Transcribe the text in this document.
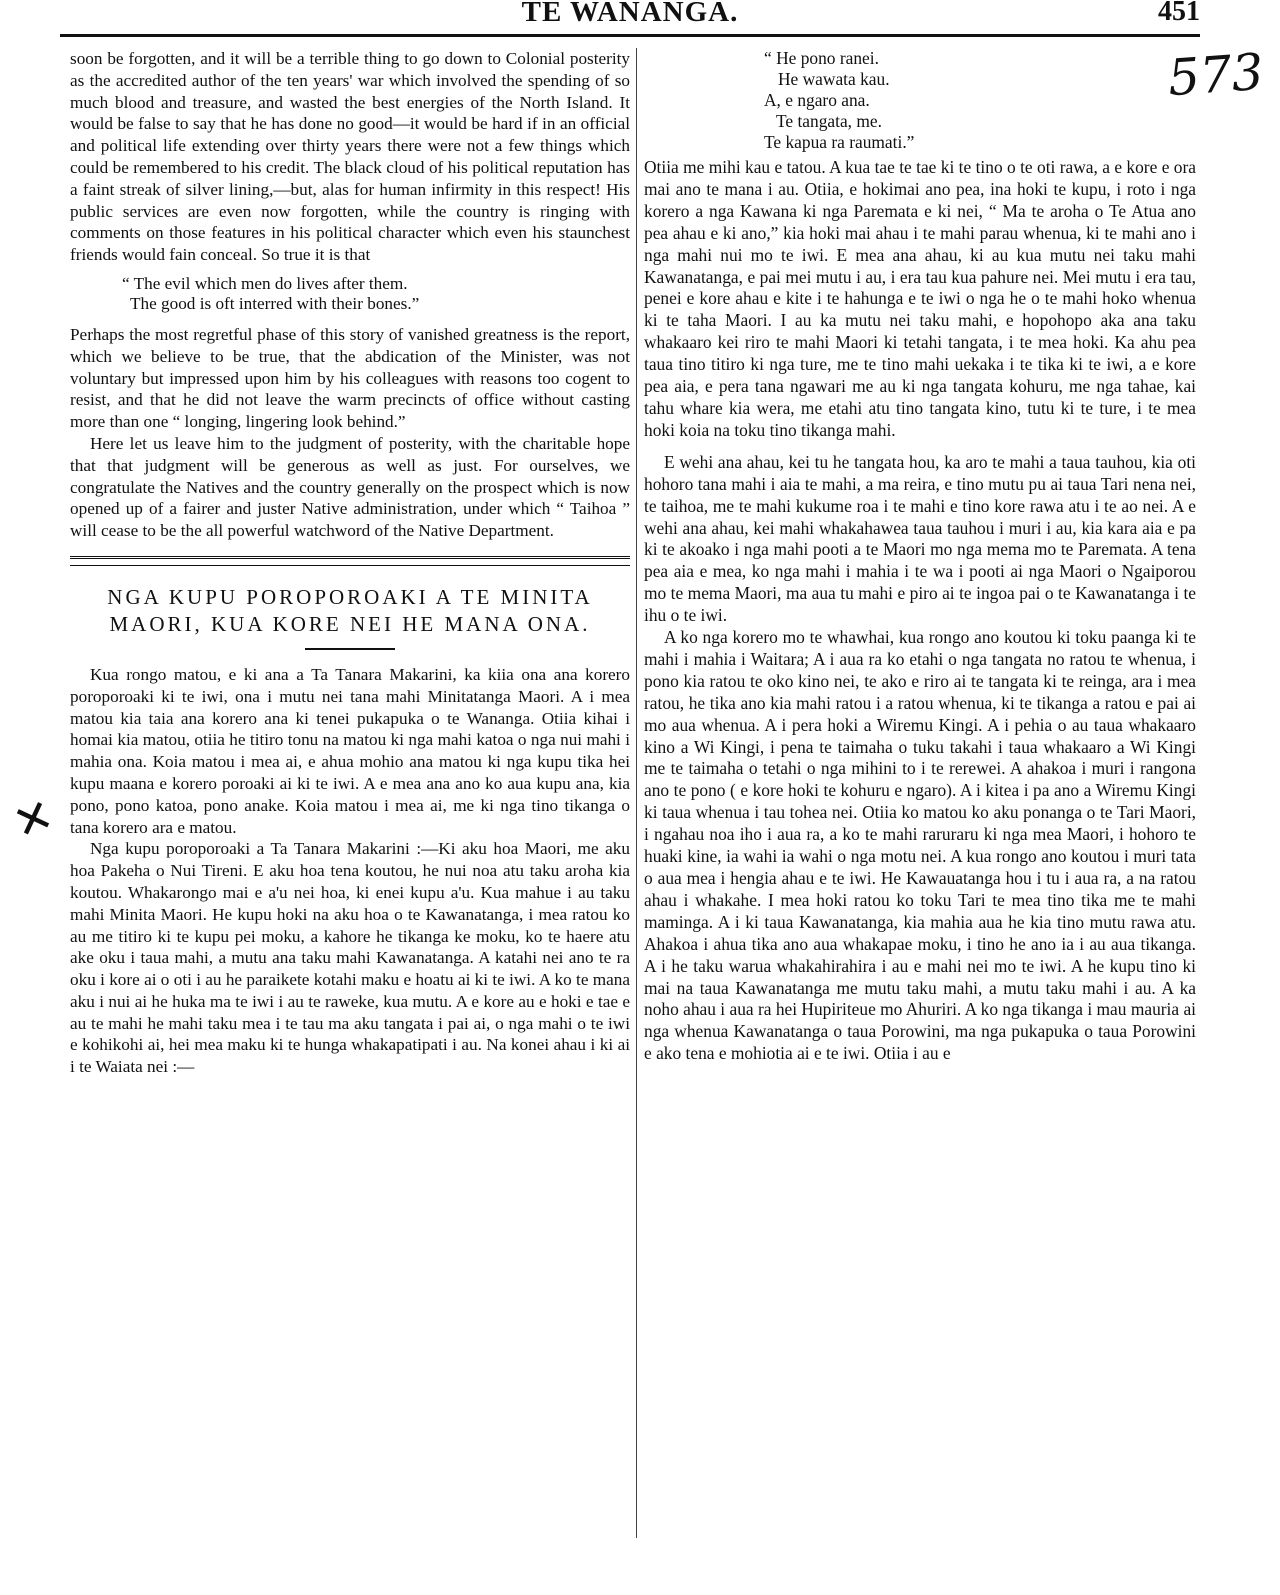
TE WANANGA.	451
573
✕

soon be forgotten, and it will be a terrible thing to go down to Colonial posterity as the accredited author of the ten years' war which involved the spending of so much blood and treasure, and wasted the best energies of the North Island. It would be false to say that he has done no good—it would be hard if in an official and political life extending over thirty years there were not a few things which could be remembered to his credit. The black cloud of his political reputation has a faint streak of silver lining,—but, alas for human infirmity in this respect! His public services are even now forgotten, while the country is ringing with comments on those features in his political character which even his staunchest friends would fain conceal. So true it is that

“ The evil which men do lives after them.
The good is oft interred with their bones.”

Perhaps the most regretful phase of this story of vanished greatness is the report, which we believe to be true, that the abdication of the Minister, was not voluntary but impressed upon him by his colleagues with reasons too cogent to resist, and that he did not leave the warm precincts of office without casting more than one “ longing, lingering look behind.”

Here let us leave him to the judgment of posterity, with the charitable hope that that judgment will be generous as well as just. For ourselves, we congratulate the Natives and the country generally on the prospect which is now opened up of a fairer and juster Native administration, under which “ Taihoa ” will cease to be the all powerful watchword of the Native Department.

NGA KUPU POROPOROAKI A TE MINITA
MAORI, KUA KORE NEI HE MANA ONA.

Kua rongo matou, e ki ana a Ta Tanara Makarini, ka kiia ona ana korero poroporoaki ki te iwi, ona i mutu nei tana mahi Minitatanga Maori. A i mea matou kia taia ana korero ana ki tenei pukapuka o te Wananga. Otiia kihai i homai kia matou, otiia he titiro tonu na matou ki nga mahi katoa o nga nui mahi i mahia ona. Koia matou i mea ai, e ahua mohio ana matou ki nga kupu tika hei kupu maana e korero poroaki ai ki te iwi. A e mea ana ano ko aua kupu ana, kia pono, pono katoa, pono anake. Koia matou i mea ai, me ki nga tino tikanga o tana korero ara e matou.

Nga kupu poroporoaki a Ta Tanara Makarini :—Ki aku hoa Maori, me aku hoa Pakeha o Nui Tireni. E aku hoa tena koutou, he nui noa atu taku aroha kia koutou. Whakarongo mai e a'u nei hoa, ki enei kupu a'u. Kua mahue i au taku mahi Minita Maori. He kupu hoki na aku hoa o te Kawanatanga, i mea ratou ko au me titiro ki te kupu pei moku, a kahore he tikanga ke moku, ko te haere atu ake oku i taua mahi, a mutu ana taku mahi Kawanatanga. A katahi nei ano te ra oku i kore ai o oti i au he paraikete kotahi maku e hoatu ai ki te iwi. A ko te mana aku i nui ai he huka ma te iwi i au te raweke, kua mutu. A e kore au e hoki e tae e au te mahi he mahi taku mea i te tau ma aku tangata i pai ai, o nga mahi o te iwi e kohikohi ai, hei mea maku ki te hunga whakapatipati i au. Na konei ahau i ki ai i te Waiata nei :—

“ He pono ranei.
He wawata kau.
A, e ngaro ana.
Te tangata, me.
Te kapua ra raumati.”

Otiia me mihi kau e tatou. A kua tae te tae ki te tino o te oti rawa, a e kore e ora mai ano te mana i au. Otiia, e hokimai ano pea, ina hoki te kupu, i roto i nga korero a nga Kawana ki nga Paremata e ki nei, “ Ma te aroha o Te Atua ano pea ahau e ki ano,” kia hoki mai ahau i te mahi parau whenua, ki te mahi ano i nga mahi nui mo te iwi. E mea ana ahau, ki au kua mutu nei taku mahi Kawanatanga, e pai mei mutu i au, i era tau kua pahure nei. Mei mutu i era tau, penei e kore ahau e kite i te hahunga e te iwi o nga he o te mahi hoko whenua ki te taha Maori. I au ka mutu nei taku mahi, e hopohopo aka ana taku whakaaro kei riro te mahi Maori ki tetahi tangata, i te mea hoki. Ka ahu pea taua tino titiro ki nga ture, me te tino mahi uekaka i te tika ki te iwi, a e kore pea aia, e pera tana ngawari me au ki nga tangata kohuru, me nga tahae, kai tahu whare kia wera, me etahi atu tino tangata kino, tutu ki te ture, i te mea hoki koia na toku tino tikanga mahi.

E wehi ana ahau, kei tu he tangata hou, ka aro te mahi a taua tauhou, kia oti hohoro tana mahi i aia te mahi, a ma reira, e tino mutu pu ai taua Tari nena nei, te taihoa, me te mahi kukume roa i te mahi e tino kore rawa atu i te ao nei. A e wehi ana ahau, kei mahi whakahawea taua tauhou i muri i au, kia kara aia e pa ki te akoako i nga mahi pooti a te Maori mo nga mema mo te Paremata. A tena pea aia e mea, ko nga mahi i mahia i te wa i pooti ai nga Maori o Ngaiporou mo te mema Maori, ma aua tu mahi e piro ai te ingoa pai o te Kawanatanga i te ihu o te iwi.

A ko nga korero mo te whawhai, kua rongo ano koutou ki toku paanga ki te mahi i mahia i Waitara; A i aua ra ko etahi o nga tangata no ratou te whenua, i pono kia ratou te oko kino nei, te ako e riro ai te tangata ki te reinga, ara i mea ratou, he tika ano kia mahi ratou i a ratou whenua, ki te tikanga a ratou e pai ai mo aua whenua. A i pera hoki a Wiremu Kingi. A i pehia o au taua whakaaro kino a Wi Kingi, i pena te taimaha o tuku takahi i taua whakaaro a Wi Kingi me te taimaha o tetahi o nga mihini to i te rerewei. A ahakoa i muri i rangona ano te pono ( e kore hoki te kohuru e ngaro). A i kitea i pa ano a Wiremu Kingi ki taua whenua i tau tohea nei. Otiia ko matou ko aku ponanga o te Tari Maori, i ngahau noa iho i aua ra, a ko te mahi raruraru ki nga mea Maori, i hohoro te huaki kine, ia wahi ia wahi o nga motu nei. A kua rongo ano koutou i muri tata o aua mea i hengia ahau e te iwi. He Kawauatanga hou i tu i aua ra, a na ratou ahau i whakahe. I mea hoki ratou ko toku Tari te mea tino tika me te mahi maminga. A i ki taua Kawanatanga, kia mahia aua he kia tino mutu rawa atu. Ahakoa i ahua tika ano aua whakapae moku, i tino he ano ia i au aua tikanga. A i he taku warua whakahirahira i au e mahi nei mo te iwi. A he kupu tino ki mai na taua Kawanatanga me mutu taku mahi, a mutu taku mahi i au. A ka noho ahau i aua ra hei Hupiriteue mo Ahuriri. A ko nga tikanga i mau mauria ai nga whenua Kawanatanga o taua Porowini, ma nga pukapuka o taua Porowini e ako tena e mohiotia ai e te iwi. Otiia i au e
